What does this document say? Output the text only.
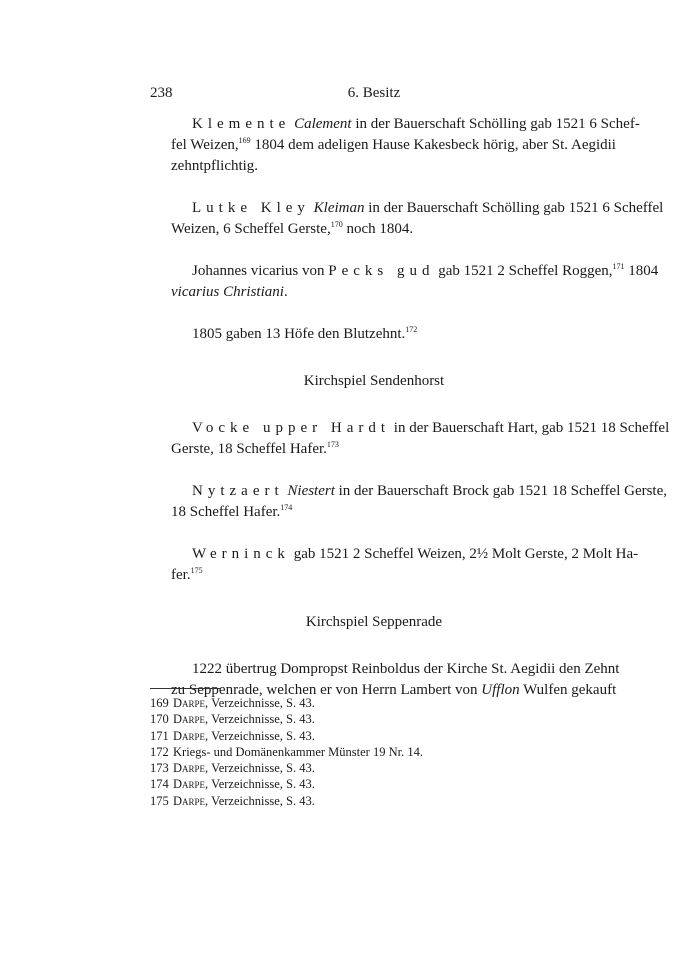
238	6. Besitz
Klemente Calement in der Bauerschaft Schölling gab 1521 6 Schef-
fel Weizen,$^{169}$ 1804 dem adeligen Hause Kakesbeck hörig, aber St. Aegidii
zehntpflichtig.
Lutke Kley Kleiman in der Bauerschaft Schölling gab 1521 6 Scheffel
Weizen, 6 Scheffel Gerste,$^{170}$ noch 1804.
Johannes vicarius von Pecks gud gab 1521 2 Scheffel Roggen,$^{171}$ 1804
vicarius Christiani.
1805 gaben 13 Höfe den Blutzehnt.$^{172}$
Kirchspiel Sendenhorst
Vocke upper Hardt in der Bauerschaft Hart, gab 1521 18 Scheffel
Gerste, 18 Scheffel Hafer.$^{173}$
Nytzaert Niestert in der Bauerschaft Brock gab 1521 18 Scheffel Gerste,
18 Scheffel Hafer.$^{174}$
Werninck gab 1521 2 Scheffel Weizen, 2½ Molt Gerste, 2 Molt Ha-
fer.$^{175}$
Kirchspiel Seppenrade
1222 übertrug Dompropst Reinboldus der Kirche St. Aegidii den Zehnt
zu Seppenrade, welchen er von Herrn Lambert von Ufflon Wulfen gekauft
169 Darpe, Verzeichnisse, S. 43.
170 Darpe, Verzeichnisse, S. 43.
171 Darpe, Verzeichnisse, S. 43.
172 Kriegs- und Domänenkammer Münster 19 Nr. 14.
173 Darpe, Verzeichnisse, S. 43.
174 Darpe, Verzeichnisse, S. 43.
175 Darpe, Verzeichnisse, S. 43.
